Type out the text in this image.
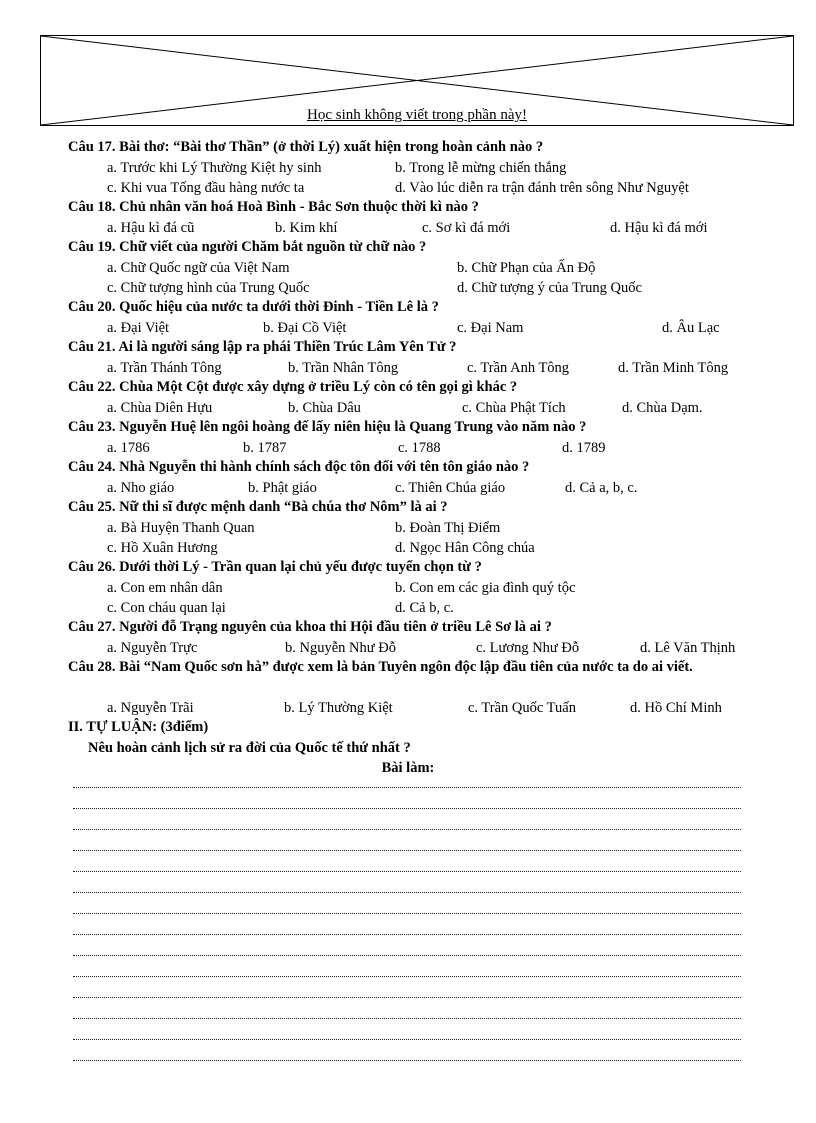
Học sinh không viết trong phần này!
Câu 17. Bài thơ: “Bài thơ Thần” (ở thời Lý) xuất hiện trong hoàn cảnh nào ?
a. Trước khi Lý Thường Kiệt hy sinh	b. Trong lễ mừng chiến thắng
c. Khi vua Tống đầu hàng nước ta	d. Vào lúc diễn ra trận đánh trên sông Như Nguyệt
Câu 18. Chủ nhân văn hoá Hoà Bình - Bắc Sơn thuộc thời kì nào ?
a. Hậu kì đá cũ	b. Kim khí	c. Sơ kì đá mới	d. Hậu kì đá mới
Câu 19. Chữ viết của người Chăm bắt nguồn từ chữ nào ?
a. Chữ Quốc ngữ của Việt Nam	b. Chữ Phạn của Ấn Độ
c. Chữ tượng hình của Trung Quốc	d. Chữ tượng ý của Trung Quốc
Câu 20. Quốc hiệu của nước ta dưới thời Đinh - Tiền Lê là ?
a. Đại Việt	b. Đại Cồ Việt	c. Đại Nam	d. Âu Lạc
Câu 21. Ai là người sáng lập ra phái Thiền Trúc Lâm Yên Tử ?
a. Trần Thánh Tông	b. Trần Nhân Tông	c. Trần Anh Tông	d. Trần Minh Tông
Câu 22. Chùa Một Cột được xây dựng ở triều Lý còn có tên gọi gì khác ?
a. Chùa Diên Hựu	b. Chùa Dâu	c. Chùa Phật Tích	d. Chùa Dạm.
Câu 23. Nguyễn Huệ lên ngôi hoàng đế lấy niên hiệu là Quang Trung vào năm nào ?
a. 1786	b. 1787	c. 1788	d. 1789
Câu 24. Nhà Nguyễn thi hành chính sách độc tôn đối với tên tôn giáo nào ?
a. Nho giáo	b. Phật giáo	c. Thiên Chúa giáo	d. Cả a, b, c.
Câu 25. Nữ thi sĩ được mệnh danh “Bà chúa thơ Nôm” là ai ?
a. Bà Huyện Thanh Quan	b. Đoàn Thị Điểm
c. Hồ Xuân Hương	d. Ngọc Hân Công chúa
Câu 26. Dưới thời Lý - Trần quan lại chủ yếu được tuyển chọn từ ?
a. Con em nhân dân	b. Con em các gia đình quý tộc
c. Con cháu quan lại	d. Cả b, c.
Câu 27. Người đỗ Trạng nguyên của khoa thi Hội đầu tiên ở triều Lê Sơ là ai ?
a. Nguyễn Trực	b. Nguyễn Như Đỗ	c. Lương Như Đỗ	d. Lê Văn Thịnh
Câu 28. Bài “Nam Quốc sơn hà” được xem là bản Tuyên ngôn độc lập đầu tiên của nước ta do ai viết.
a. Nguyễn Trãi	b. Lý Thường Kiệt	c. Trần Quốc Tuấn	d. Hồ Chí Minh
II. TỰ LUẬN: (3điểm)
Nêu hoàn cảnh lịch sử ra đời của Quốc tế thứ nhất ?
Bài làm:
